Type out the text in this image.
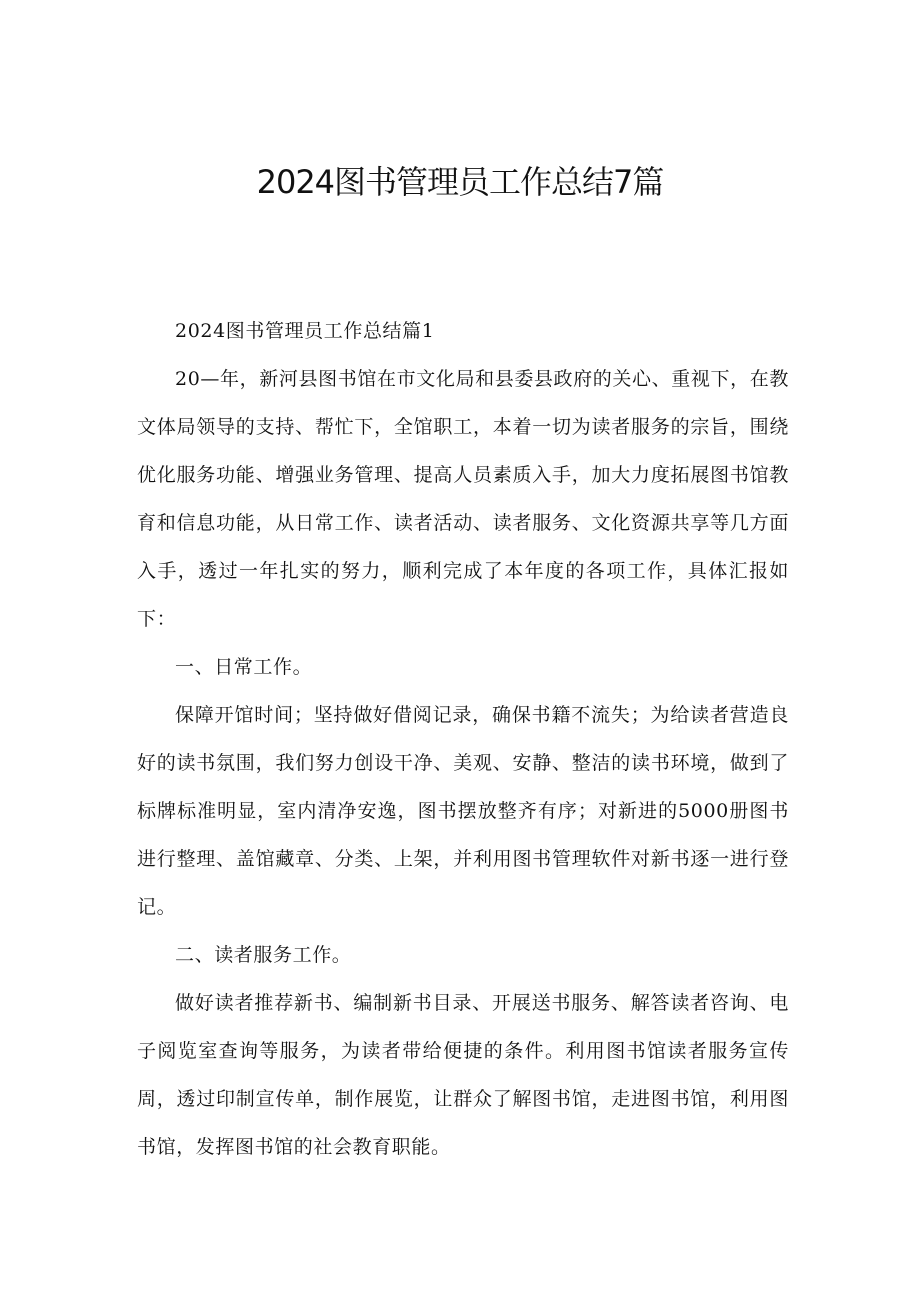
2024图书管理员工作总结7篇

2024图书管理员工作总结篇1

20—年，新河县图书馆在市文化局和县委县政府的关心、重视下，在教文体局领导的支持、帮忙下，全馆职工，本着一切为读者服务的宗旨，围绕优化服务功能、增强业务管理、提高人员素质入手，加大力度拓展图书馆教育和信息功能，从日常工作、读者活动、读者服务、文化资源共享等几方面入手，透过一年扎实的努力，顺利完成了本年度的各项工作，具体汇报如下：

一、日常工作。

保障开馆时间；坚持做好借阅记录，确保书籍不流失；为给读者营造良好的读书氛围，我们努力创设干净、美观、安静、整洁的读书环境，做到了标牌标准明显，室内清净安逸，图书摆放整齐有序；对新进的5000册图书进行整理、盖馆藏章、分类、上架，并利用图书管理软件对新书逐一进行登记。

二、读者服务工作。

做好读者推荐新书、编制新书目录、开展送书服务、解答读者咨询、电子阅览室查询等服务，为读者带给便捷的条件。利用图书馆读者服务宣传周，透过印制宣传单，制作展览，让群众了解图书馆，走进图书馆，利用图书馆，发挥图书馆的社会教育职能。
